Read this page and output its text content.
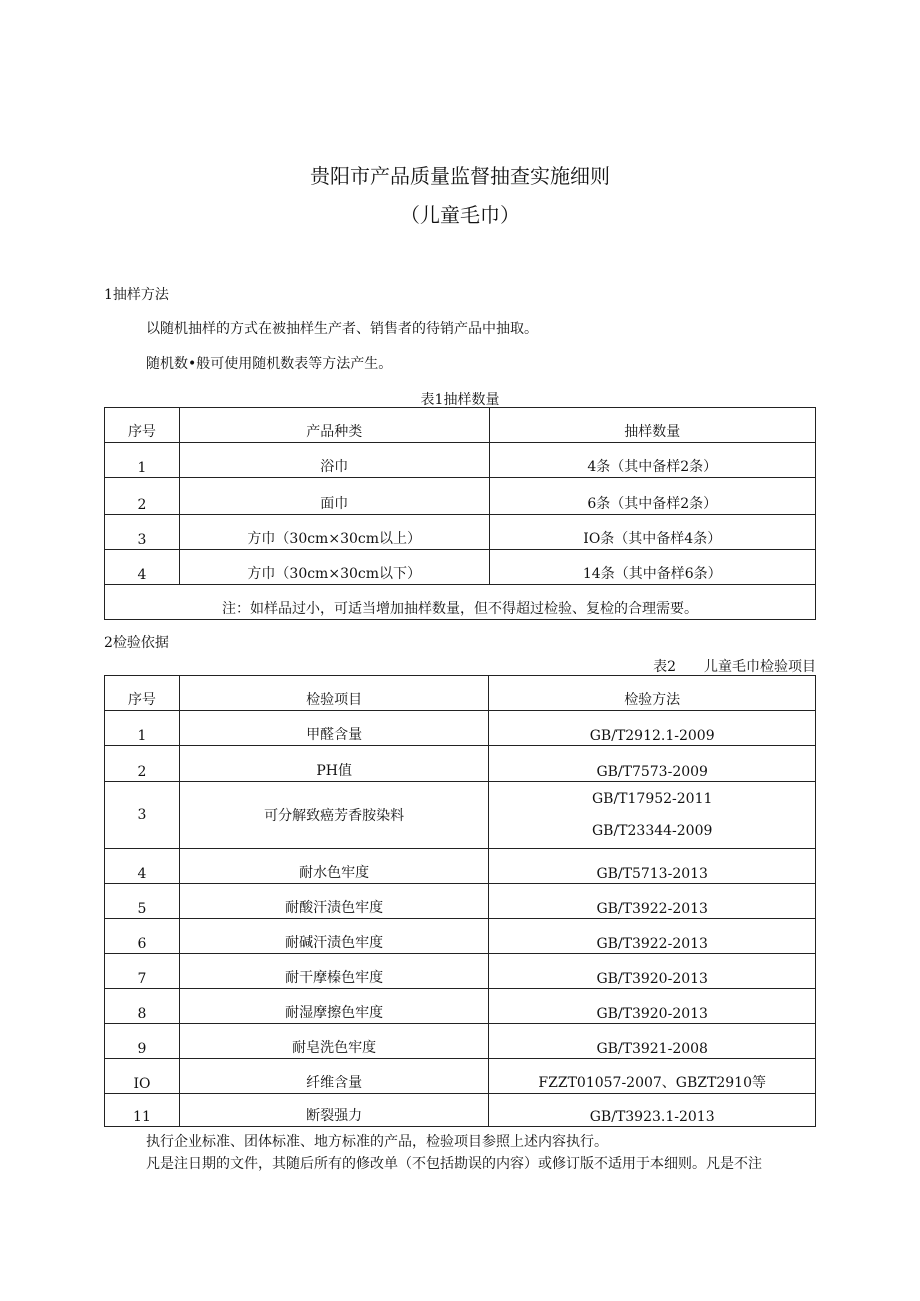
贵阳市产品质量监督抽查实施细则
（儿童毛巾）
1抽样方法
以随机抽样的方式在被抽样生产者、销售者的待销产品中抽取。
随机数•般可使用随机数表等方法产生。
表1抽样数量
序号	产品种类	抽样数量
1	浴巾	4条（其中备样2条）
2	面巾	6条（其中备样2条）
3	方巾（30cm×30cm以上）	IO条（其中备样4条）
4	方巾（30cm×30cm以下）	14条（其中备样6条）
注：如样品过小，可适当增加抽样数量，但不得超过检验、复检的合理需要。		
2检验依据
表2　　儿童毛巾检验项目
序号	检验项目	检验方法
1	甲醛含量	GB/T2912.1-2009
2	PH值	GB/T7573-2009
3	可分解致癌芳香胺染料	GB/T17952-2011
GB/T23344-2009

4	耐水色牢度	GB/T5713-2013
5	耐酸汗渍色牢度	GB/T3922-2013
6	耐碱汗渍色牢度	GB/T3922-2013
7	耐干摩榛色牢度	GB/T3920-2013
8	耐湿摩擦色牢度	GB/T3920-2013
9	耐皂洗色牢度	GB/T3921-2008
IO	纤维含量	FZZT01057-2007、GBZT2910等
11	断裂强力	GB/T3923.1-2013
执行企业标准、团体标准、地方标准的产品，检验项目参照上述内容执行。
凡是注日期的文件，其随后所有的修改单（不包括勘误的内容）或修订版不适用于本细则。凡是不注
